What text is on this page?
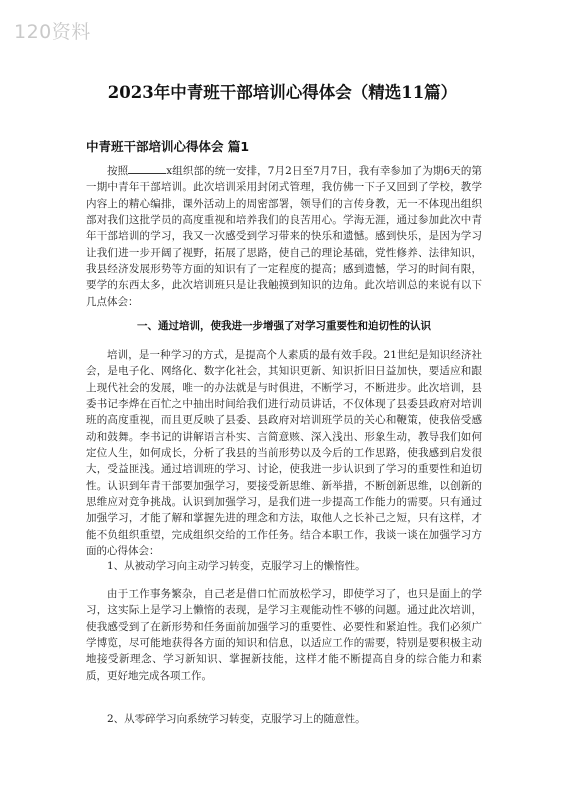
120资料
2023年中青班干部培训心得体会（精选11篇）
中青班干部培训心得体会 篇1

按照	x组织部的统一安排，7月2日至7月7日，我有幸参加了为期6天的第一期中青年干部培训。此次培训采用封闭式管理，我仿佛一下子又回到了学校，教学内容上的精心编排，课外活动上的周密部署，领导们的言传身教，无一不体现出组织部对我们这批学员的高度重视和培养我们的良苦用心。学海无涯，通过参加此次中青年干部培训的学习，我又一次感受到学习带来的快乐和遗憾。感到快乐，是因为学习让我们进一步开阔了视野，拓展了思路，使自己的理论基础，党性修养、法律知识，我县经济发展形势等方面的知识有了一定程度的提高；感到遗憾，学习的时间有限，要学的东西太多，此次培训班只是让我触摸到知识的边角。此次培训总的来说有以下几点体会：

一、通过培训，使我进一步增强了对学习重要性和迫切性的认识

培训，是一种学习的方式，是提高个人素质的最有效手段。21世纪是知识经济社会，是电子化、网络化、数字化社会，其知识更新、知识折旧日益加快，要适应和跟上现代社会的发展，唯一的办法就是与时俱进，不断学习，不断进步。此次培训，县委书记李烨在百忙之中抽出时间给我们进行动员讲话，不仅体现了县委县政府对培训班的高度重视，而且更反映了县委、县政府对培训班学员的关心和鞭策，使我倍受感动和鼓舞。李书记的讲解语言朴实、言简意赅、深入浅出、形象生动，教导我们如何定位人生，如何成长，分析了我县的当前形势以及今后的工作思路，使我感到启发很大，受益匪浅。通过培训班的学习、讨论，使我进一步认识到了学习的重要性和迫切性。认识到年青干部要加强学习，要接受新思维、新举措，不断创新思维，以创新的思维应对竞争挑战。认识到加强学习，是我们进一步提高工作能力的需要。只有通过加强学习，才能了解和掌握先进的理念和方法，取他人之长补己之短，只有这样，才能不负组织重望，完成组织交给的工作任务。结合本职工作，我谈一谈在加强学习方面的心得体会：

1、从被动学习向主动学习转变，克服学习上的懒惰性。

由于工作事务繁杂，自己老是借口忙而放松学习，即使学习了，也只是面上的学习，这实际上是学习上懒惰的表现，是学习主观能动性不够的问题。通过此次培训，使我感受到了在新形势和任务面前加强学习的重要性、必要性和紧迫性。我们必须广学博览，尽可能地获得各方面的知识和信息，以适应工作的需要，特别是要积极主动地接受新理念、学习新知识、掌握新技能，这样才能不断提高自身的综合能力和素质，更好地完成各项工作。

2、从零碎学习向系统学习转变，克服学习上的随意性。
